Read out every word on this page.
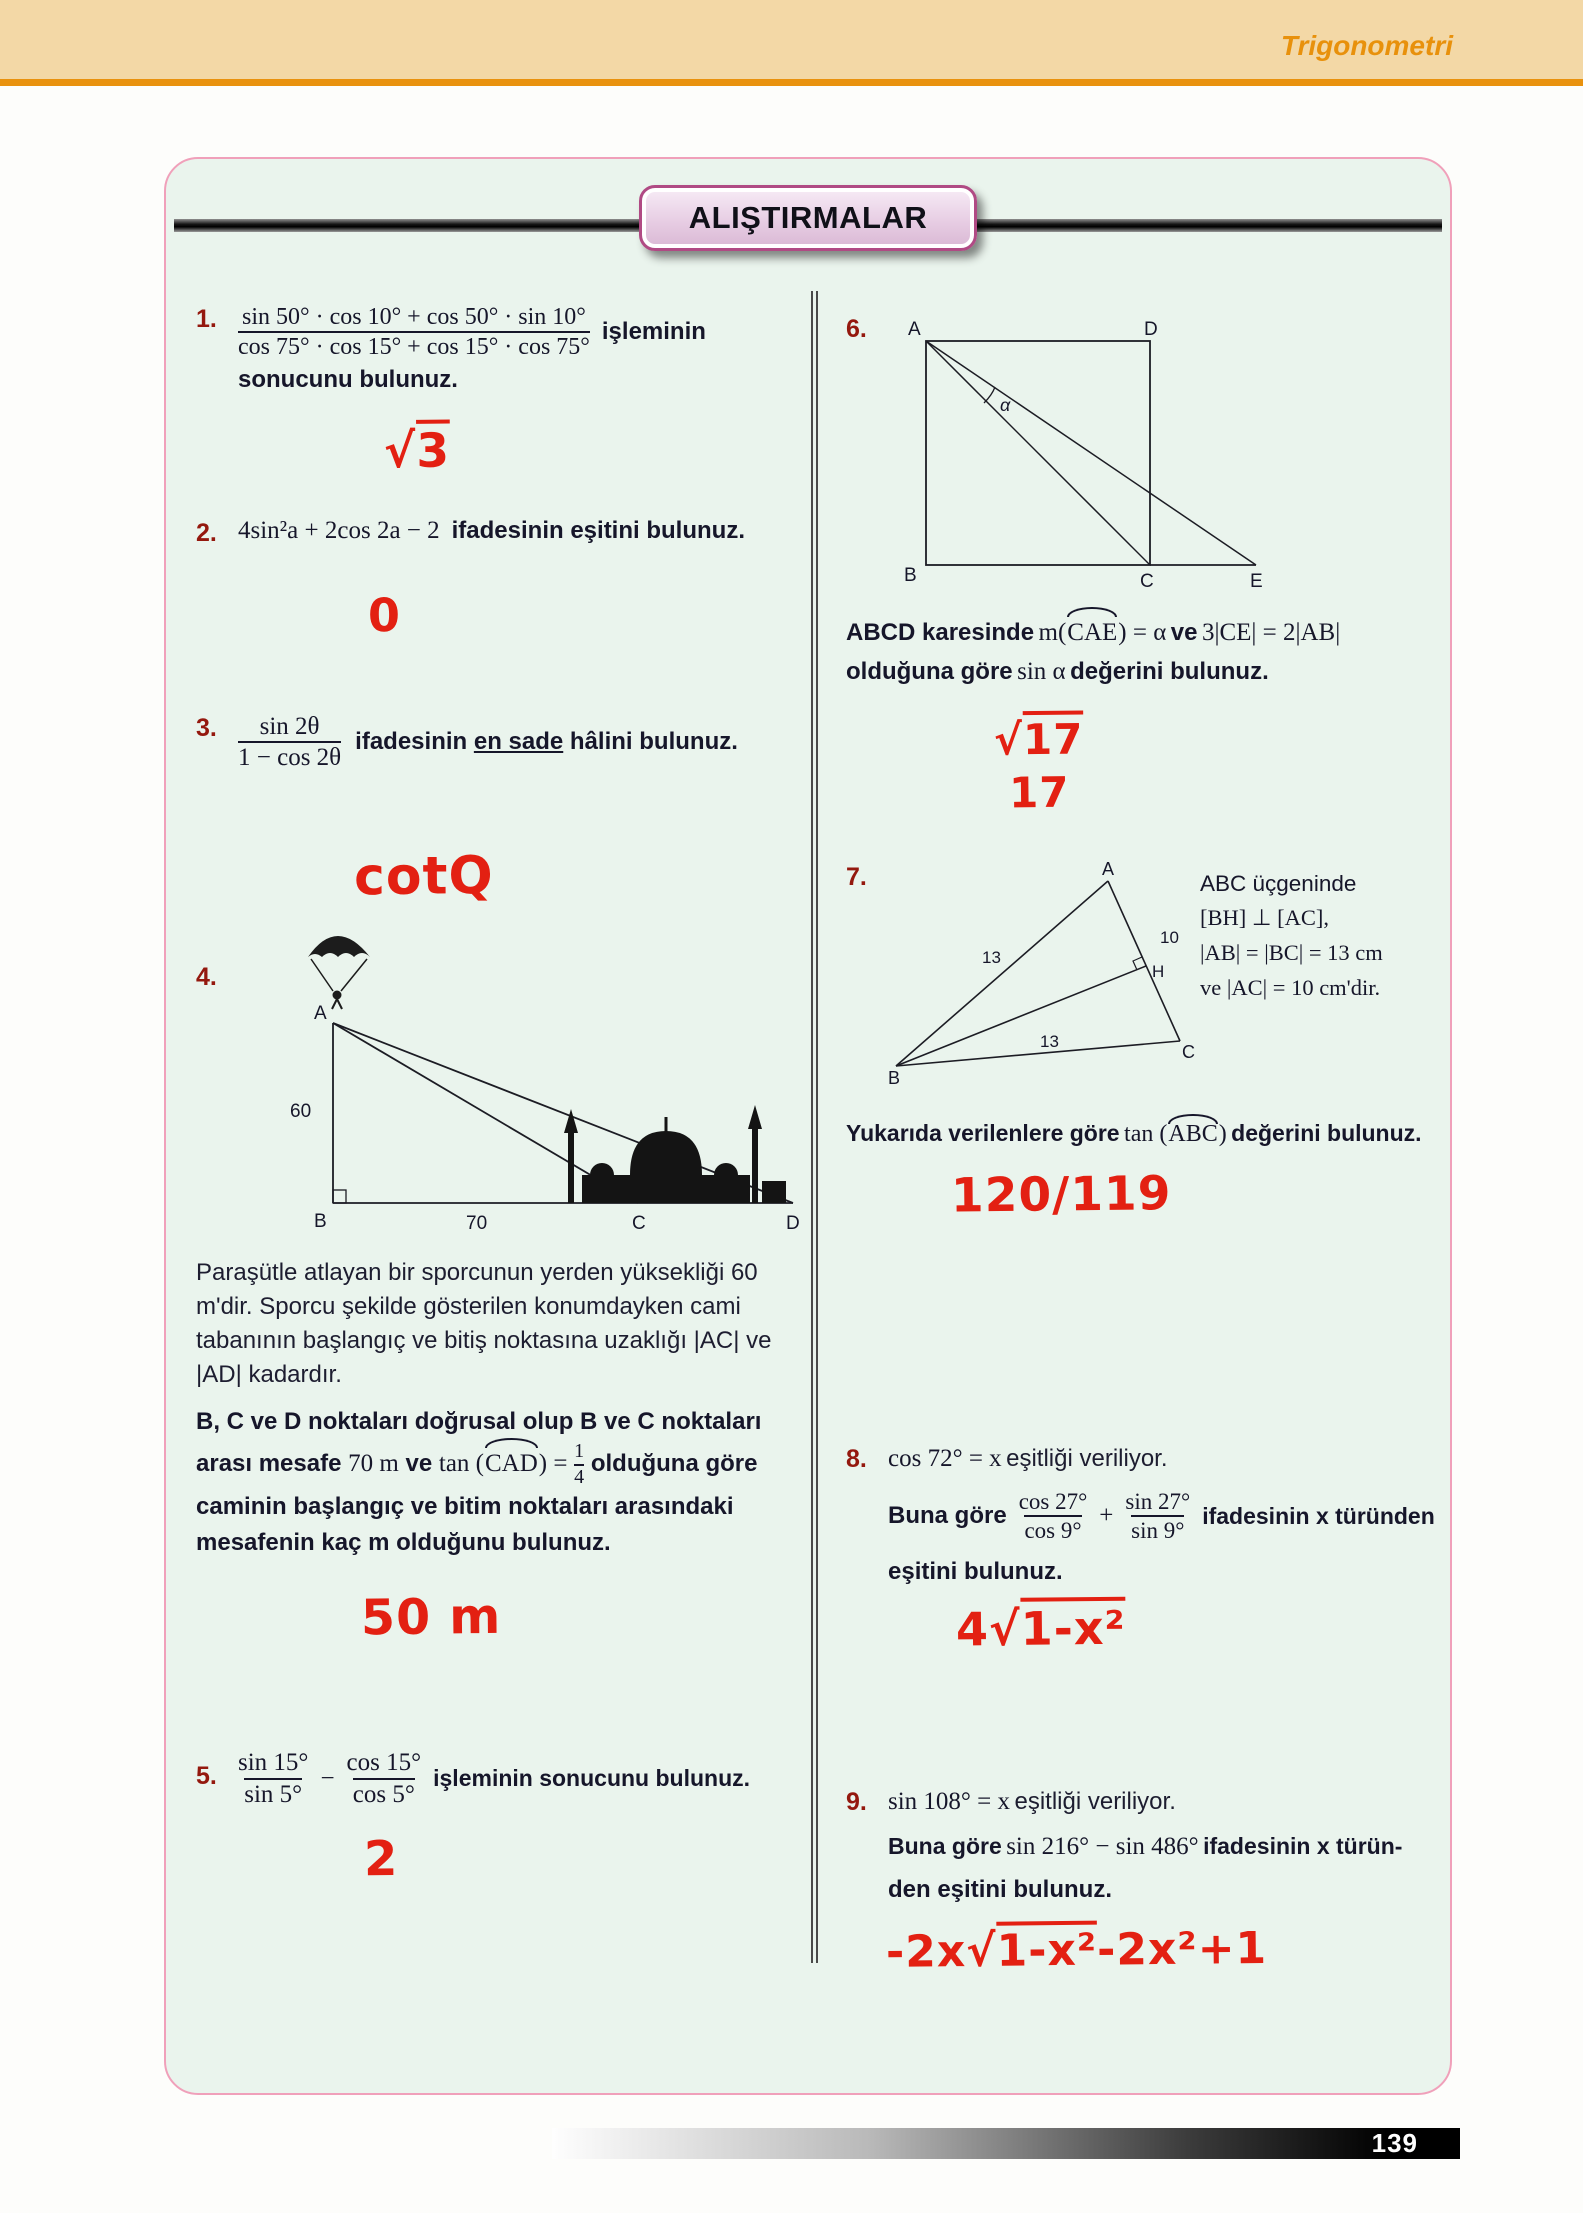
Trigonometri
ALIŞTIRMALAR
1. $\frac{\sin 50^\circ \cdot \cos 10^\circ + \cos 50^\circ \cdot \sin 10^\circ}{\cos 75^\circ \cdot \cos 15^\circ + \cos 15^\circ \cdot \cos 75^\circ}$ işleminin
sonucunu bulunuz.
√3
2. 4sin²a + 2cos 2a − 2 ifadesinin eşitini bulunuz.
0
3. $\frac{\sin 2\theta}{1 - \cos 2\theta}$ ifadesinin en sade hâlini bulunuz.
cotQ
4.
A
60
B	70	C	D

Paraşütle atlayan bir sporcunun yerden yüksekliği 60 m'dir. Sporcu şekilde gösterilen konumdayken cami tabanının başlangıç ve bitiş noktasına uzaklığı |AC| ve |AD| kadardır.

B, C ve D noktaları doğrusal olup B ve C noktaları arası mesafe 70 m ve $\tan (CAD) = \frac{1}{4}$ olduğuna göre caminin başlangıç ve bitim noktaları arasındaki mesafenin kaç m olduğunu bulunuz.

50 m
5. $\frac{\sin 15^\circ}{\sin 5^\circ} - \frac{\cos 15^\circ}{\cos 5^\circ}$ işleminin sonucunu bulunuz.
2
6.	A	D
B	C	E
α
ABCD karesinde m(CAE) = α ve 3|CE| = 2|AB| olduğuna göre sin α değerini bulunuz.
√17
17
7.	A
B
C
H
13
13
10
ABC üçgeninde
[BH] ⊥ [AC],
|AB| = |BC| = 13 cm
ve |AC| = 10 cm'dir.
Yukarıda verilenlere göre tan (ABC) değerini bulunuz.
120/119
8. cos 72° = x eşitliği veriliyor.
Buna göre $\frac{\cos 27^\circ}{\cos 9^\circ} + \frac{\sin 27^\circ}{\sin 9^\circ}$ ifadesinin x türünden
eşitini bulunuz.
4√1-x²
9. sin 108° = x eşitliği veriliyor.
Buna göre sin 216° − sin 486° ifadesinin x türün-
den eşitini bulunuz.
-2x√1-x²-2x²+1
139
